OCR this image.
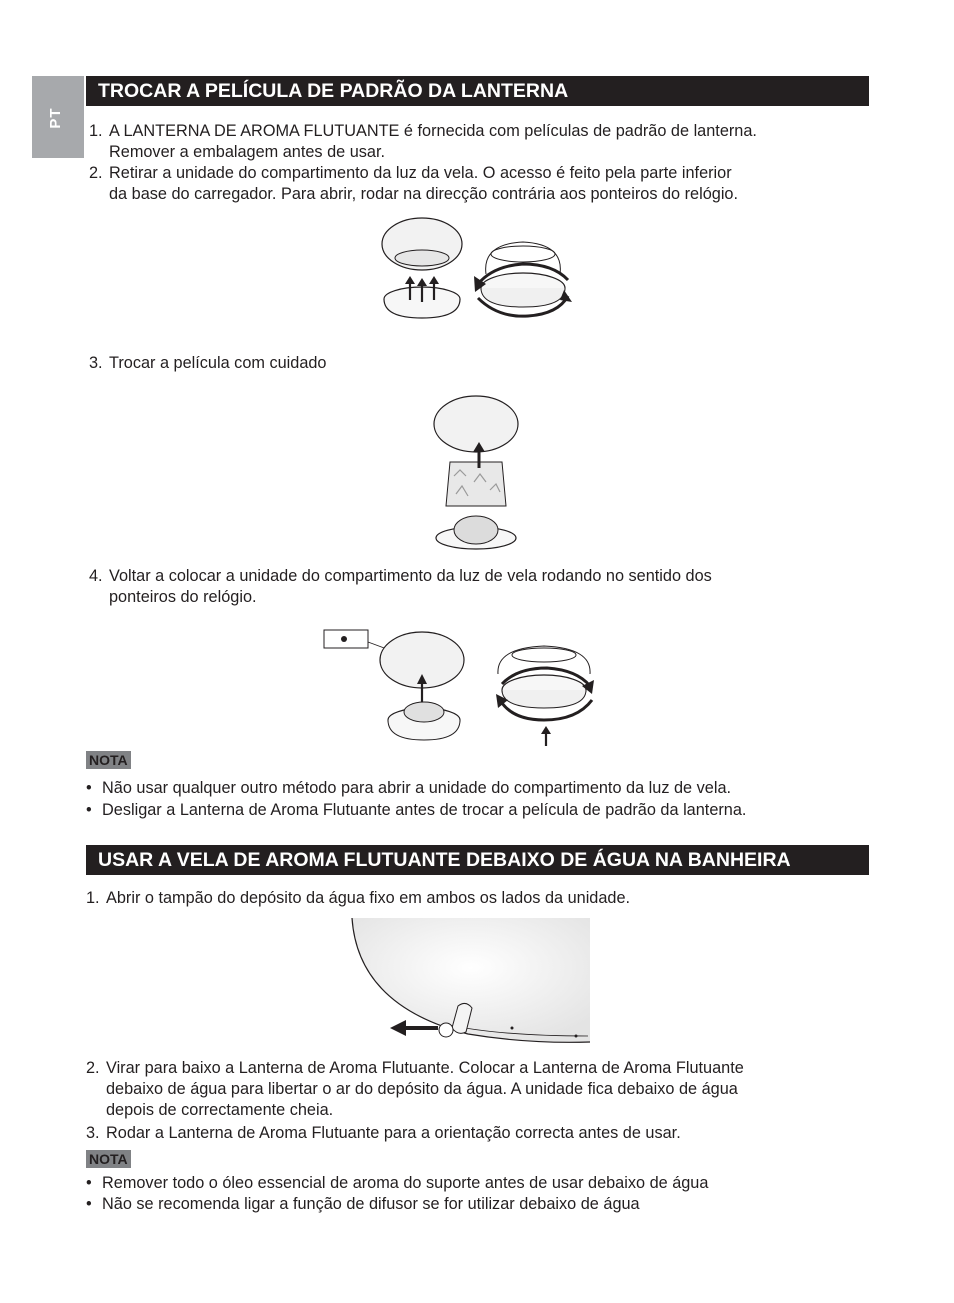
PT
TROCAR A PELÍCULA DE PADRÃO DA LANTERNA
1. A LANTERNA DE AROMA FLUTUANTE é fornecida com películas de padrão de lanterna.
Remover a embalagem antes de usar.
2. Retirar a unidade do compartimento da luz da vela. O acesso é feito pela parte inferior
da base do carregador. Para abrir, rodar na direcção contrária aos ponteiros do relógio.
3. Trocar a película com cuidado
4. Voltar a colocar a unidade do compartimento da luz de vela rodando no sentido dos
ponteiros do relógio.
NOTA
• Não usar qualquer outro método para abrir a unidade do compartimento da luz de vela.
• Desligar a Lanterna de Aroma Flutuante antes de trocar a película de padrão da lanterna.
USAR A VELA DE AROMA FLUTUANTE DEBAIXO DE ÁGUA NA BANHEIRA
1. Abrir o tampão do depósito da água fixo em ambos os lados da unidade.
2. Virar para baixo a Lanterna de Aroma Flutuante. Colocar a Lanterna de Aroma Flutuante
debaixo de água para libertar o ar do depósito da água. A unidade fica debaixo de água
depois de correctamente cheia.
3. Rodar a Lanterna de Aroma Flutuante para a orientação correcta antes de usar.
NOTA
• Remover todo o óleo essencial de aroma do suporte antes de usar debaixo de água
• Não se recomenda ligar a função de difusor se for utilizar debaixo de água
